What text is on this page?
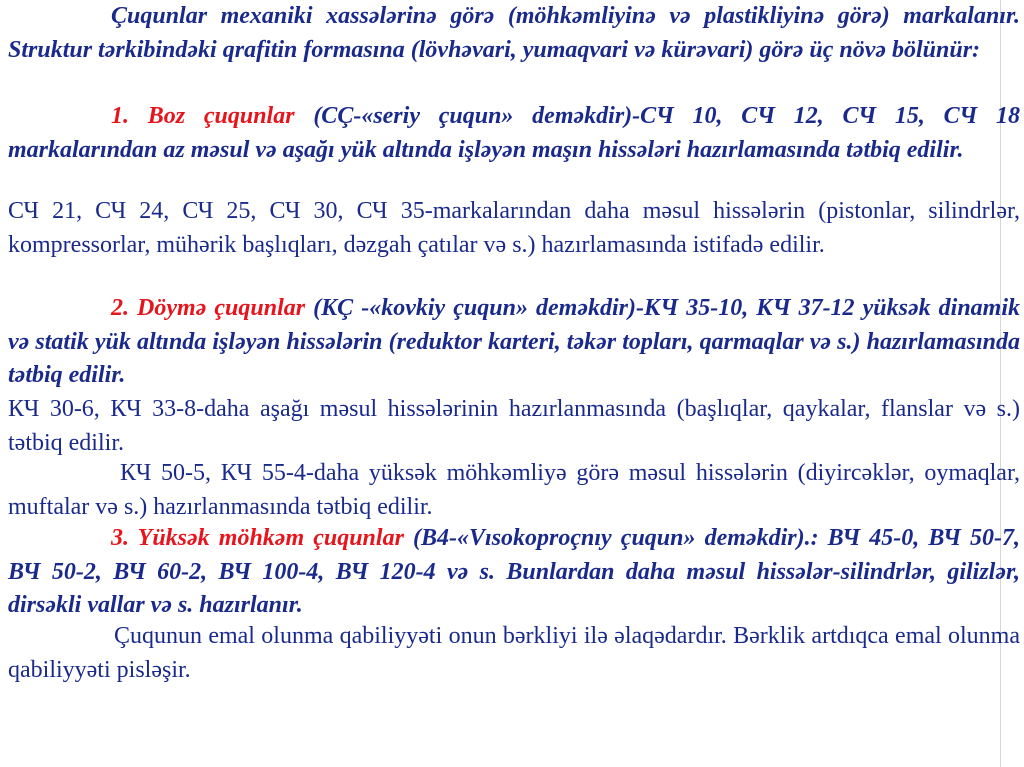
Çuqunlar mexaniki xassələrinə görə (möhkəmliyinə və plastikliyinə görə) markalanır. Struktur tərkibindəki qrafitin formasına (lövhəvari, yumaqvari və kürəvari) görə üç növə bölünür:

1. Boz çuqunlar (CÇ-«seriy çuqun» deməkdir)-СЧ 10, СЧ 12, СЧ 15, СЧ 18 markalarından az məsul və aşağı yük altında işləyən maşın hissələri hazırlamasında tətbiq edilir.

СЧ 21, СЧ 24, СЧ 25, СЧ 30, СЧ 35-markalarından daha məsul hissələrin (pistonlar, silindrlər, kompressorlar, mühərik başlıqları, dəzgah çatılar və s.) hazırlamasında istifadə edilir.

2. Döymə çuqunlar (KÇ -«kovkiy çuqun» deməkdir)-КЧ 35-10, КЧ 37-12 yüksək dinamik və statik yük altında işləyən hissələrin (reduktor karteri, təkər topları, qarmaqlar və s.) hazırlamasında tətbiq edilir.

КЧ 30-6, КЧ 33-8-daha aşağı məsul hissələrinin hazırlanmasında (başlıqlar, qaykalar, flanslar və s.) tətbiq edilir.

КЧ 50-5, КЧ 55-4-daha yüksək möhkəmliyə görə məsul hissələrin (diyircəklər, oymaqlar, muftalar və s.) hazırlanmasında tətbiq edilir.

3. Yüksək möhkəm çuqunlar (В4-«Vısokoproçnıy çuqun» deməkdir).: ВЧ 45-0, ВЧ 50-7, ВЧ 50-2, ВЧ 60-2, ВЧ 100-4, ВЧ 120-4 və s. Bunlardan daha məsul hissələr-silindrlər, gilizlər, dirsəkli vallar və s. hazırlanır.

Çuqunun emal olunma qabiliyyəti onun bərkliyi ilə əlaqədardır. Bərklik artdıqca emal olunma qabiliyyəti pisləşir.
